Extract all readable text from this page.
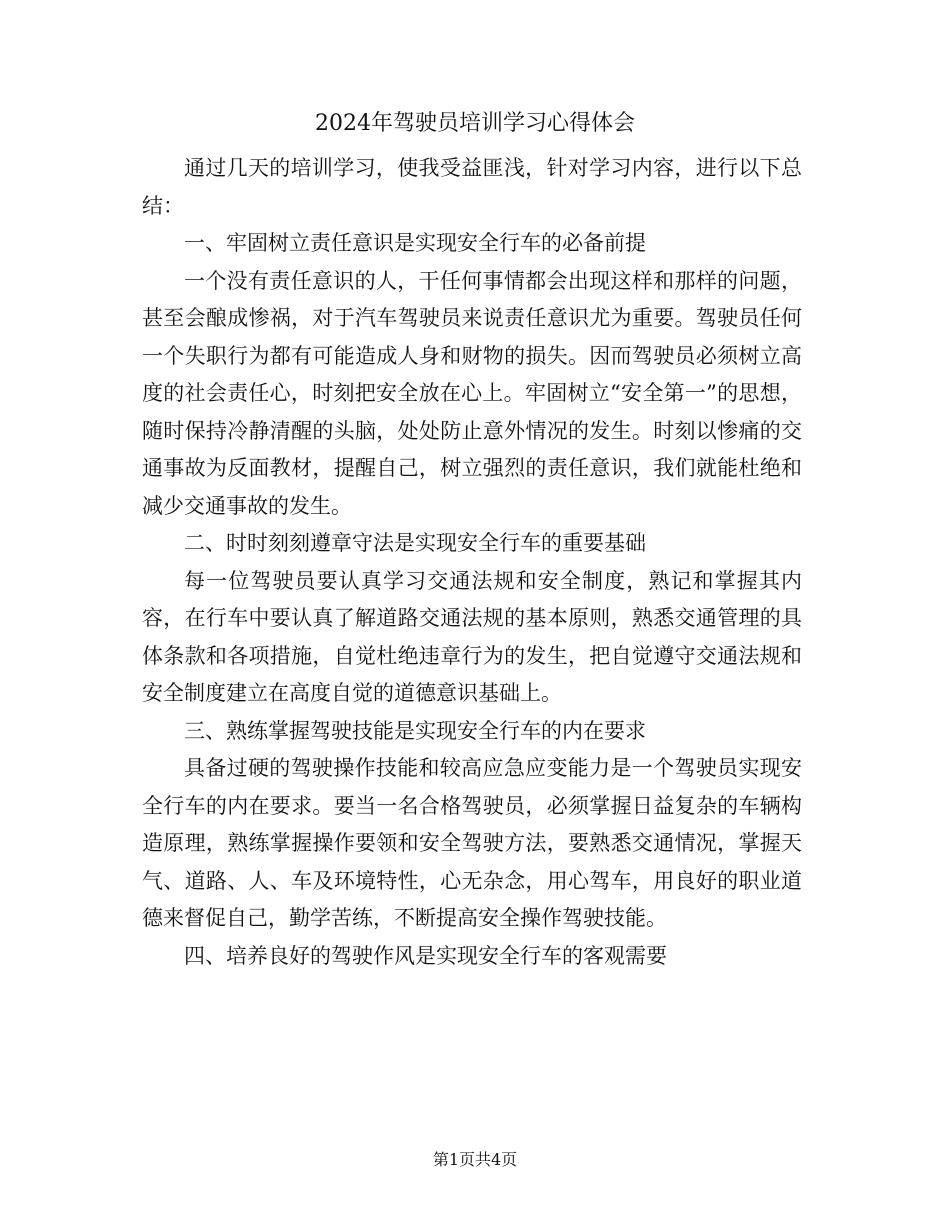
2024年驾驶员培训学习心得体会

通过几天的培训学习，使我受益匪浅，针对学习内容，进行以下总结：

一、牢固树立责任意识是实现安全行车的必备前提

一个没有责任意识的人，干任何事情都会出现这样和那样的问题，甚至会酿成惨祸，对于汽车驾驶员来说责任意识尤为重要。驾驶员任何一个失职行为都有可能造成人身和财物的损失。因而驾驶员必须树立高度的社会责任心，时刻把安全放在心上。牢固树立“安全第一”的思想，随时保持冷静清醒的头脑，处处防止意外情况的发生。时刻以惨痛的交通事故为反面教材，提醒自己，树立强烈的责任意识，我们就能杜绝和减少交通事故的发生。

二、时时刻刻遵章守法是实现安全行车的重要基础

每一位驾驶员要认真学习交通法规和安全制度，熟记和掌握其内容，在行车中要认真了解道路交通法规的基本原则，熟悉交通管理的具体条款和各项措施，自觉杜绝违章行为的发生，把自觉遵守交通法规和安全制度建立在高度自觉的道德意识基础上。

三、熟练掌握驾驶技能是实现安全行车的内在要求

具备过硬的驾驶操作技能和较高应急应变能力是一个驾驶员实现安全行车的内在要求。要当一名合格驾驶员，必须掌握日益复杂的车辆构造原理，熟练掌握操作要领和安全驾驶方法，要熟悉交通情况，掌握天气、道路、人、车及环境特性，心无杂念，用心驾车，用良好的职业道德来督促自己，勤学苦练，不断提高安全操作驾驶技能。

四、培养良好的驾驶作风是实现安全行车的客观需要

第1页共4页
